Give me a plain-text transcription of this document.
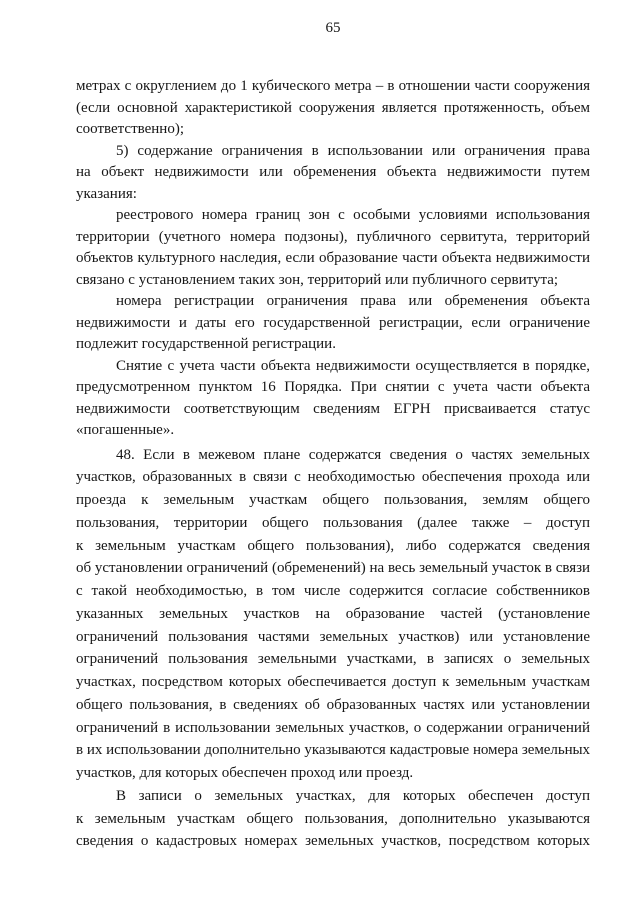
65
метрах с округлением до 1 кубического метра – в отношении части сооружения
(если основной характеристикой сооружения является протяженность, объем
соответственно);
5) содержание ограничения в использовании или ограничения права
на объект недвижимости или обременения объекта недвижимости путем
указания:
реестрового номера границ зон с особыми условиями использования
территории (учетного номера подзоны), публичного сервитута, территорий
объектов культурного наследия, если образование части объекта недвижимости
связано с установлением таких зон, территорий или публичного сервитута;
номера регистрации ограничения права или обременения объекта
недвижимости и даты его государственной регистрации, если ограничение
подлежит государственной регистрации.
Снятие с учета части объекта недвижимости осуществляется в порядке,
предусмотренном пунктом 16 Порядка. При снятии с учета части объекта
недвижимости соответствующим сведениям ЕГРН присваивается статус
«погашенные».
48. Если в межевом плане содержатся сведения о частях земельных
участков, образованных в связи с необходимостью обеспечения прохода или
проезда к земельным участкам общего пользования, землям общего
пользования, территории общего пользования (далее также – доступ
к земельным участкам общего пользования), либо содержатся сведения
об установлении ограничений (обременений) на весь земельный участок в связи
с такой необходимостью, в том числе содержится согласие собственников
указанных земельных участков на образование частей (установление
ограничений пользования частями земельных участков) или установление
ограничений пользования земельными участками, в записях о земельных
участках, посредством которых обеспечивается доступ к земельным участкам
общего пользования, в сведениях об образованных частях или установлении
ограничений в использовании земельных участков, о содержании ограничений
в их использовании дополнительно указываются кадастровые номера земельных
участков, для которых обеспечен проход или проезд.
В записи о земельных участках, для которых обеспечен доступ
к земельным участкам общего пользования, дополнительно указываются
сведения о кадастровых номерах земельных участков, посредством которых
